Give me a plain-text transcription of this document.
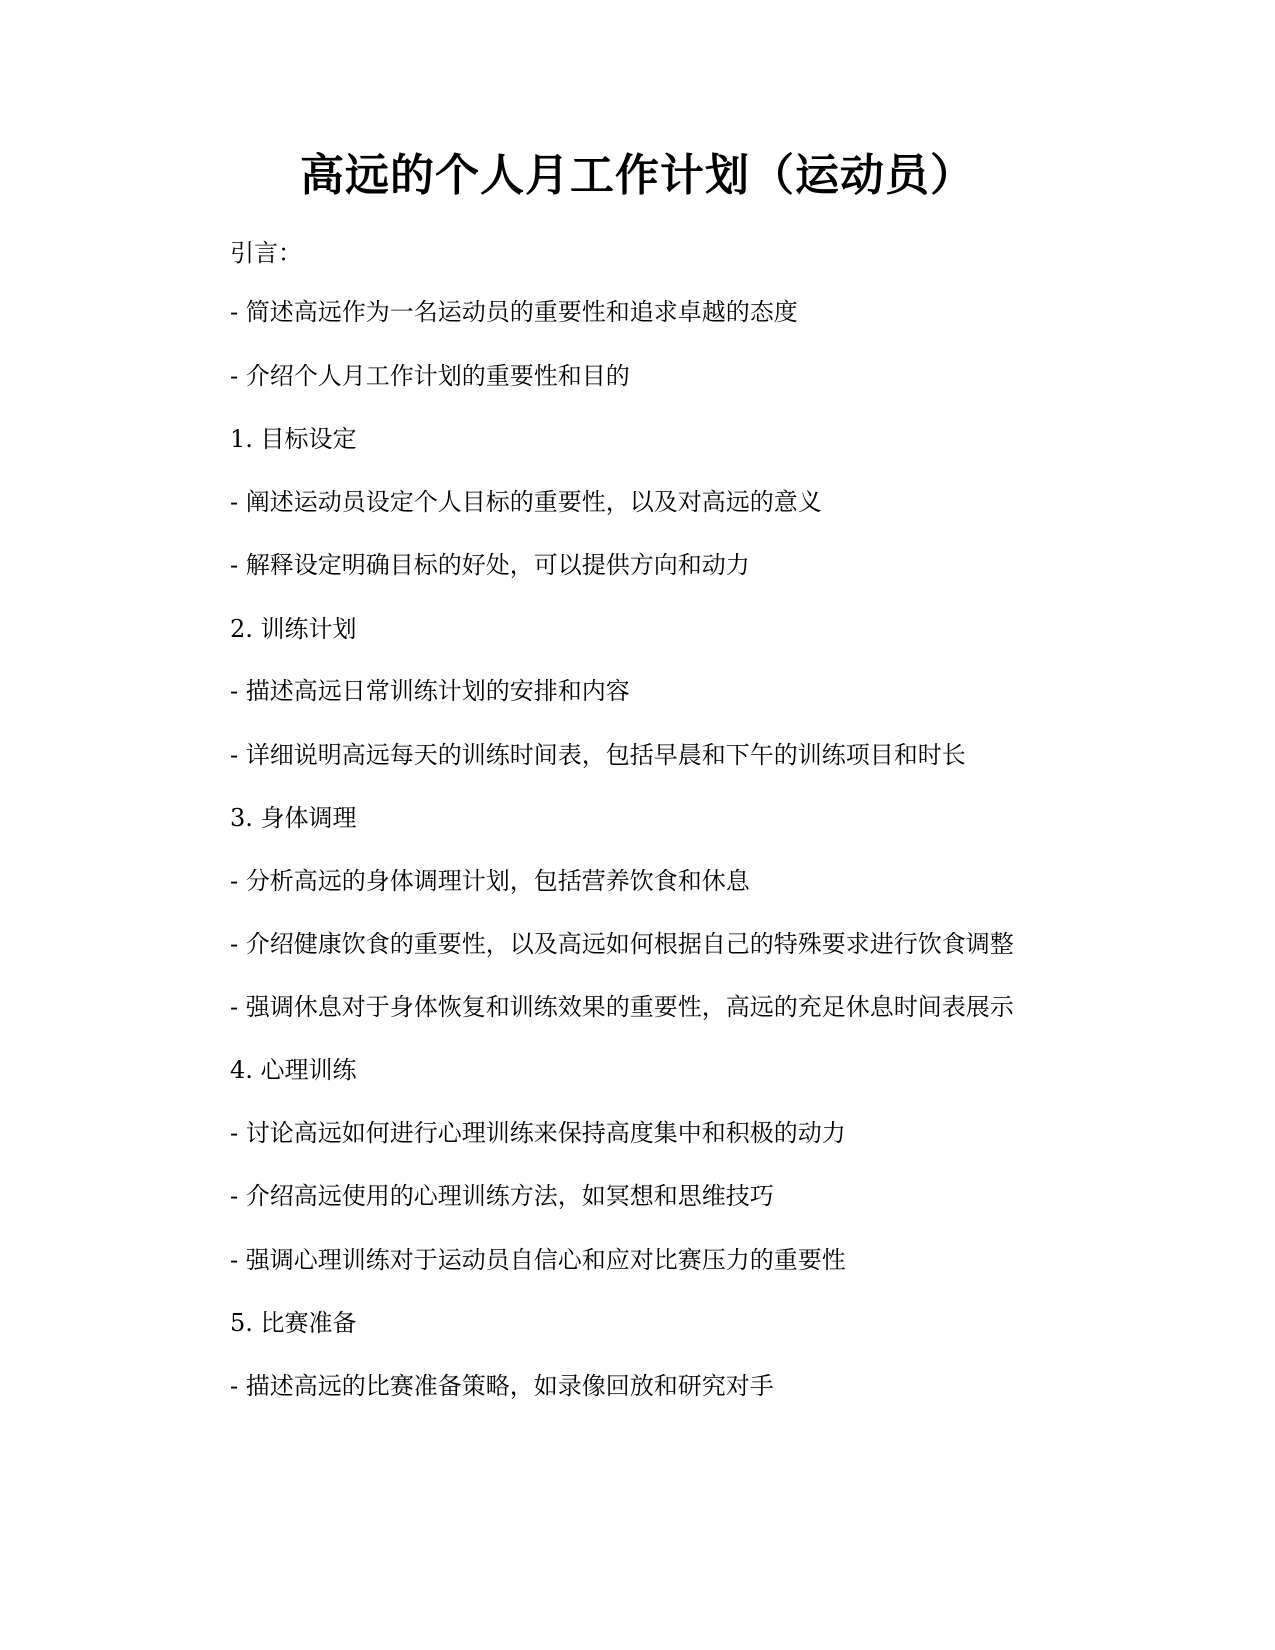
高远的个人月工作计划（运动员）

引言：

- 简述高远作为一名运动员的重要性和追求卓越的态度

- 介绍个人月工作计划的重要性和目的

1. 目标设定

- 阐述运动员设定个人目标的重要性，以及对高远的意义

- 解释设定明确目标的好处，可以提供方向和动力

2. 训练计划

- 描述高远日常训练计划的安排和内容

- 详细说明高远每天的训练时间表，包括早晨和下午的训练项目和时长

3. 身体调理

- 分析高远的身体调理计划，包括营养饮食和休息

- 介绍健康饮食的重要性，以及高远如何根据自己的特殊要求进行饮食调整

- 强调休息对于身体恢复和训练效果的重要性，高远的充足休息时间表展示

4. 心理训练

- 讨论高远如何进行心理训练来保持高度集中和积极的动力

- 介绍高远使用的心理训练方法，如冥想和思维技巧

- 强调心理训练对于运动员自信心和应对比赛压力的重要性

5. 比赛准备

- 描述高远的比赛准备策略，如录像回放和研究对手
